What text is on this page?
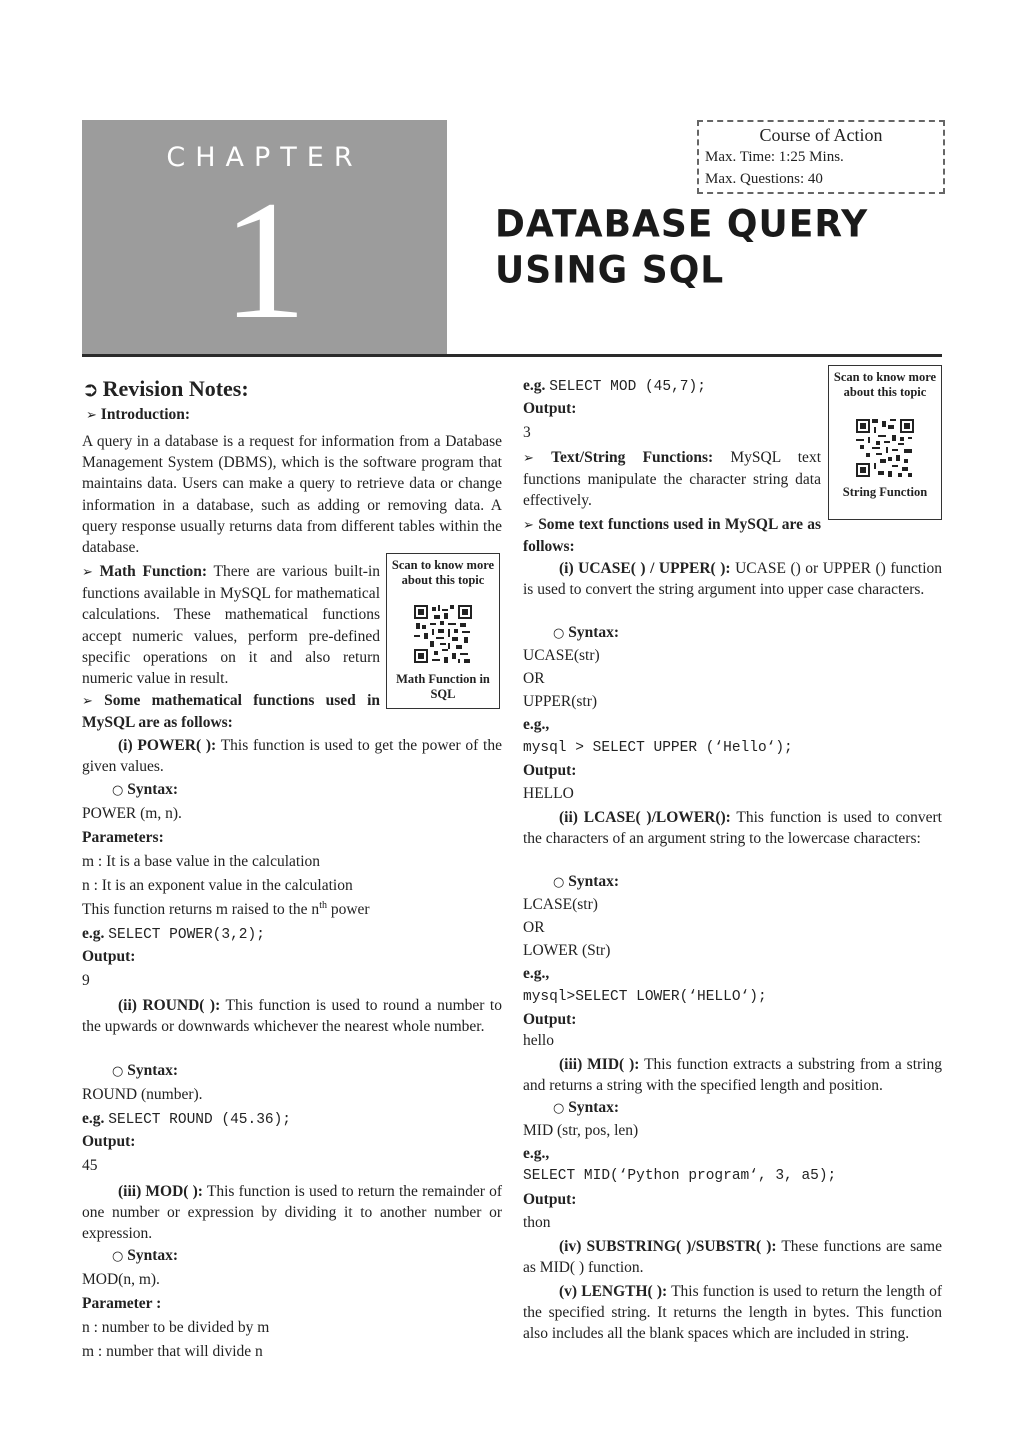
CHAPTER
1
Course of Action
Max. Time: 1:25 Mins.
Max. Questions: 40
DATABASE QUERY
USING SQL
➲ Revision Notes:
➢ Introduction:
A query in a database is a request for information from a Database Management System (DBMS), which is the software program that maintains data. Users can make a query to retrieve data or change information in a database, such as adding or removing data. A query response usually returns data from different tables within the database.
➢ Math Function: There are various built-in functions available in MySQL for mathematical calculations. These mathematical functions accept numeric values, perform pre-defined specific operations on it and also return numeric value in result.
➢ Some mathematical functions used in MySQL are as follows:
Scan to know more about this topic
Math Function in SQL
(i) POWER( ): This function is used to get the power of the given values.
○ Syntax:
POWER (m, n).
Parameters:
m : It is a base value in the calculation
n : It is an exponent value in the calculation
This function returns m raised to the $n^{th}$ power
e.g. SELECT POWER(3,2);
Output:
9
(ii) ROUND( ): This function is used to round a number to the upwards or downwards whichever the nearest whole number.
○ Syntax:
ROUND (number).
e.g. SELECT ROUND (45.36);
Output:
45
(iii) MOD( ): This function is used to return the remainder of one number or expression by dividing it to another number or expression.
○ Syntax:
MOD(n, m).
Parameter :
n : number to be divided by m
m : number that will divide n
e.g. SELECT MOD (45,7);
Output:
3
➢ Text/String Functions: MySQL text functions manipulate the character string data effectively.
➢ Some text functions used in MySQL are as follows:
Scan to know more about this topic
String Function
(i) UCASE( ) / UPPER( ): UCASE () or UPPER () function is used to convert the string argument into upper case characters.
○ Syntax:
UCASE(str)
OR
UPPER(str)
e.g.,
mysql > SELECT UPPER (‘Hello‘);
Output:
HELLO
(ii) LCASE( )/LOWER(): This function is used to convert the characters of an argument string to the lowercase characters:
○ Syntax:
LCASE(str)
OR
LOWER (Str)
e.g.,
mysql>SELECT LOWER(‘HELLO‘);
Output:
hello
(iii) MID( ): This function extracts a substring from a string and returns a string with the specified length and position.
○ Syntax:
MID (str, pos, len)
e.g.,
SELECT MID(‘Python program‘, 3, a5);
Output:
thon
(iv) SUBSTRING( )/SUBSTR( ): These functions are same as MID( ) function.
(v) LENGTH( ): This function is used to return the length of the specified string. It returns the length in bytes. This function also includes all the blank spaces which are included in string.
